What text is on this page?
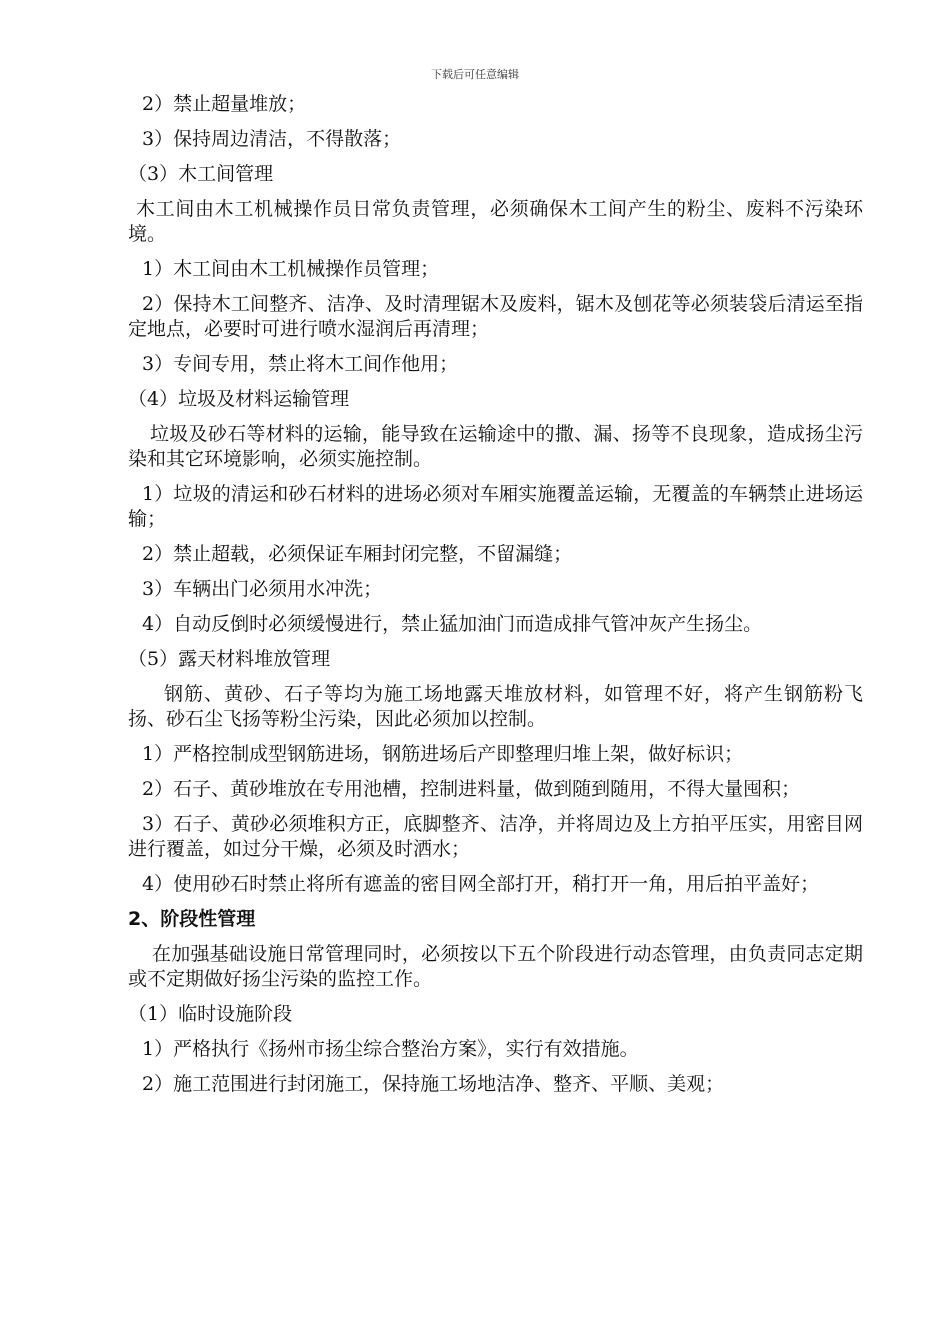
下载后可任意编辑
2）禁止超量堆放；
3）保持周边清洁，不得散落；
（3）木工间管理
木工间由木工机械操作员日常负责管理，必须确保木工间产生的粉尘、废料不污染环境。
1）木工间由木工机械操作员管理；
2）保持木工间整齐、洁净、及时清理锯木及废料，锯木及刨花等必须装袋后清运至指定地点，必要时可进行喷水湿润后再清理；
3）专间专用，禁止将木工间作他用；
（4）垃圾及材料运输管理
垃圾及砂石等材料的运输，能导致在运输途中的撒、漏、扬等不良现象，造成扬尘污染和其它环境影响，必须实施控制。
1）垃圾的清运和砂石材料的进场必须对车厢实施覆盖运输，无覆盖的车辆禁止进场运输；
2）禁止超载，必须保证车厢封闭完整，不留漏缝；
3）车辆出门必须用水冲洗；
4）自动反倒时必须缓慢进行，禁止猛加油门而造成排气管冲灰产生扬尘。
（5）露天材料堆放管理
钢筋、黄砂、石子等均为施工场地露天堆放材料，如管理不好，将产生钢筋粉飞扬、砂石尘飞扬等粉尘污染，因此必须加以控制。
1）严格控制成型钢筋进场，钢筋进场后产即整理归堆上架，做好标识；
2）石子、黄砂堆放在专用池槽，控制进料量，做到随到随用，不得大量囤积；
3）石子、黄砂必须堆积方正，底脚整齐、洁净，并将周边及上方拍平压实，用密目网进行覆盖，如过分干燥，必须及时洒水；
4）使用砂石时禁止将所有遮盖的密目网全部打开，稍打开一角，用后拍平盖好；
2、阶段性管理
在加强基础设施日常管理同时，必须按以下五个阶段进行动态管理，由负责同志定期或不定期做好扬尘污染的监控工作。
（1）临时设施阶段
1）严格执行《扬州市扬尘综合整治方案》，实行有效措施。
2）施工范围进行封闭施工，保持施工场地洁净、整齐、平顺、美观；
